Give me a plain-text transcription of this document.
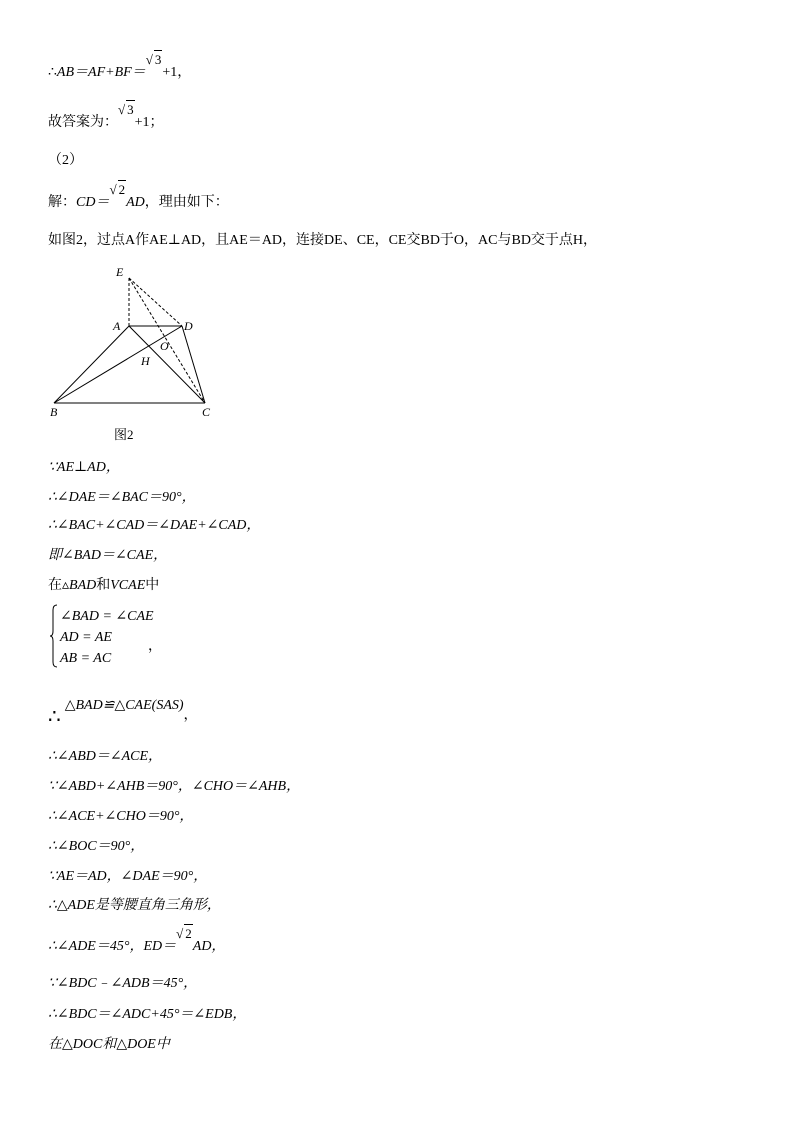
∴AB＝AF+BF＝√ 3+1，
故答案为：√ 3+1；
（2）
解：CD＝√ 2AD，理由如下：
如图2，过点A作AE⊥AD，且AE＝AD，连接DE、CE，CE交BD于O，AC与BD交于点H，
E
A	D
O
H
B	C
图2
∵AE⊥AD，
∴∠DAE＝∠BAC＝90°，
∴∠BAC+∠CAD＝∠DAE+∠CAD，
即∠BAD＝∠CAE，
在▵BAD和VCAE中
∠BAD = ∠CAE
AD = AE
AB = AC
，
∴△BAD≌△CAE(SAS)，
∴∠ABD＝∠ACE，
∵∠ABD+∠AHB＝90°，∠CHO＝∠AHB，
∴∠ACE+∠CHO＝90°，
∴∠BOC＝90°，
∵AE＝AD，∠DAE＝90°，
∴△ADE是等腰直角三角形，
∴∠ADE＝45°，ED＝√ 2AD，
∵∠BDC﹣∠ADB＝45°，
∴∠BDC＝∠ADC+45°＝∠EDB，
在△DOC和△DOE中
